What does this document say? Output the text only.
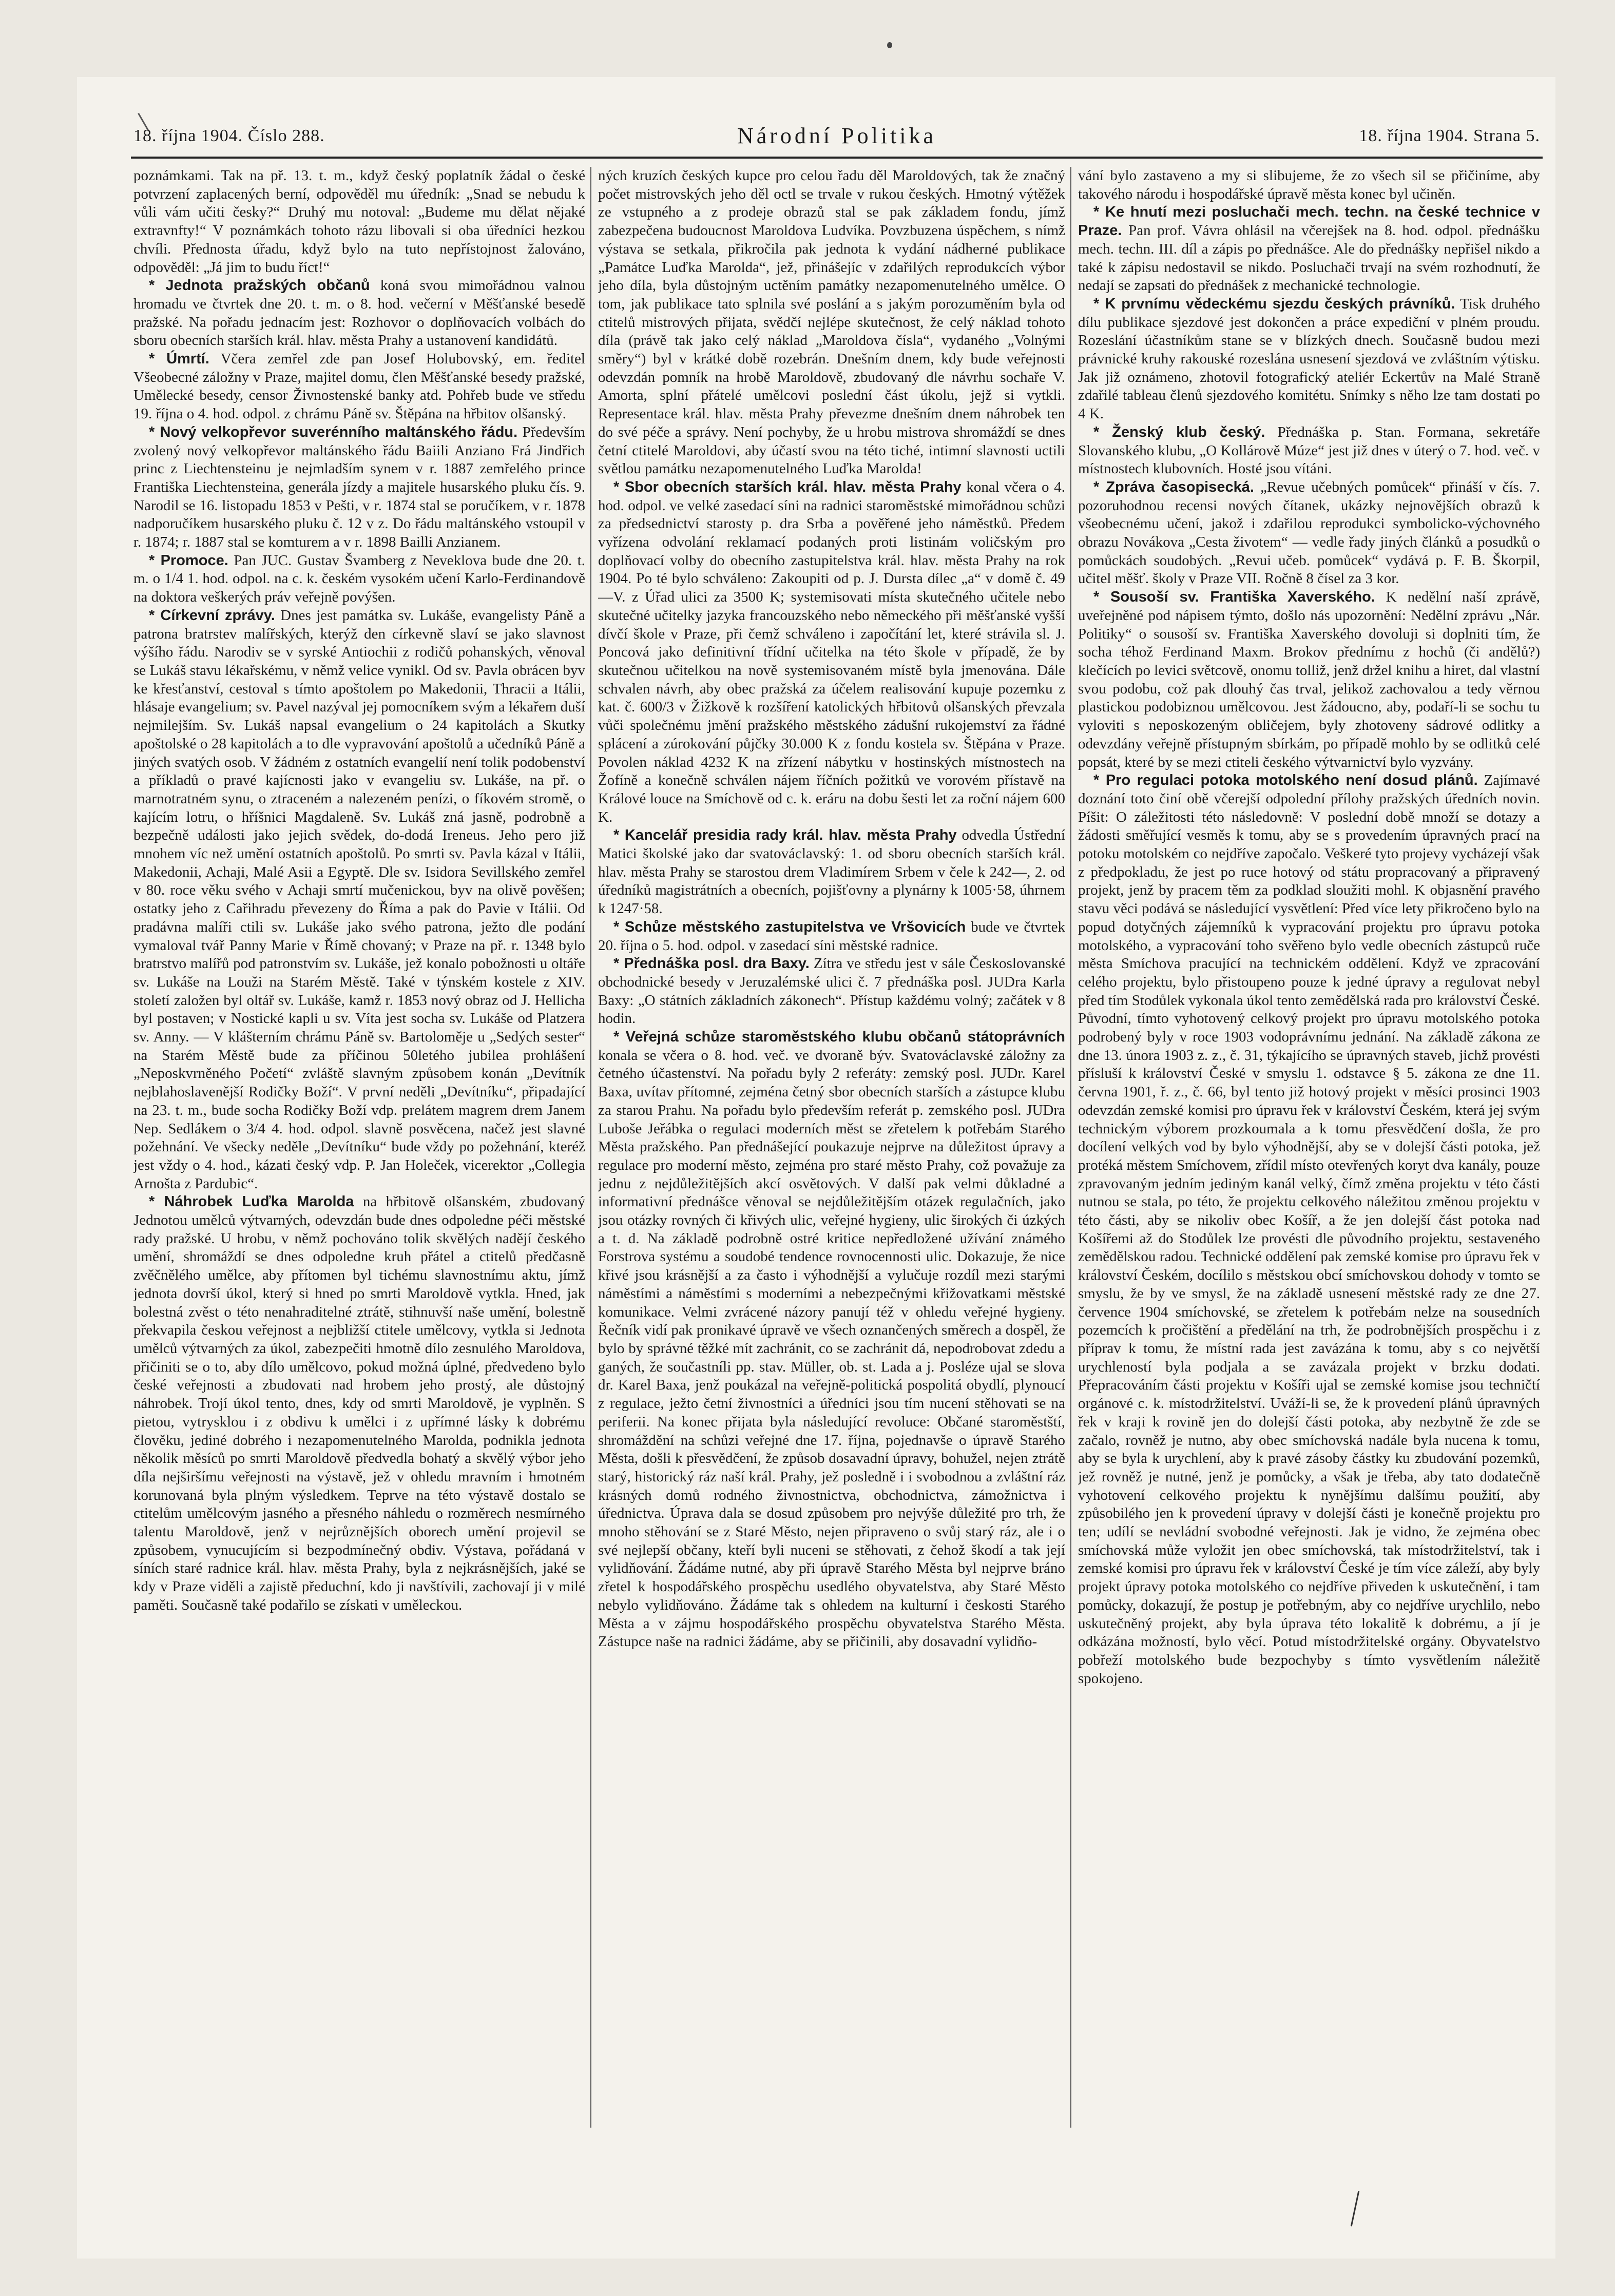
18. října 1904. Číslo 288.	Národní Politika	18. října 1904. Strana 5.

poznámkami. Tak na př. 13. t. m., když český poplatník žádal o české potvrzení zaplacených berní, odpověděl mu úředník: „Snad se nebudu k vůli vám učiti česky?“ Druhý mu notoval: „Budeme mu dělat nějaké extravnfty!“ V poznámkách tohoto rázu libovali si oba úředníci hezkou chvíli. Přednosta úřadu, když bylo na tuto nepřístojnost žalováno, odpověděl: „Já jim to budu říct!“

* Jednota pražských občanů koná svou mimořádnou valnou hromadu ve čtvrtek dne 20. t. m. o 8. hod. večerní v Měšťanské besedě pražské. Na pořadu jednacím jest: Rozhovor o doplňovacích volbách do sboru obecních starších král. hlav. města Prahy a ustanovení kandidátů.

* Úmrtí. Včera zemřel zde pan Josef Holubovský, em. ředitel Všeobecné záložny v Praze, majitel domu, člen Měšťanské besedy pražské, Umělecké besedy, censor Živnostenské banky atd. Pohřeb bude ve středu 19. října o 4. hod. odpol. z chrámu Páně sv. Štěpána na hřbitov olšanský.

* Nový velkopřevor suverénního maltánského řádu. Především zvolený nový velkopřevor maltánského řádu Baiili Anziano Frá Jindřich princ z Liechtensteinu je nejmladším synem v r. 1887 zemřelého prince Františka Liechtensteina, generála jízdy a majitele husarského pluku čís. 9. Narodil se 16. listopadu 1853 v Pešti, v r. 1874 stal se poručíkem, v r. 1878 nadporučíkem husarského pluku č. 12 v z. Do řádu maltánského vstoupil v r. 1874; r. 1887 stal se komturem a v r. 1898 Bailli Anzianem.

* Promoce. Pan JUC. Gustav Švamberg z Neveklova bude dne 20. t. m. o 1/4 1. hod. odpol. na c. k. českém vysokém učení Karlo-Ferdinandově na doktora veškerých práv veřejně povýšen.

* Církevní zprávy. Dnes jest památka sv. Lukáše, evangelisty Páně a patrona bratrstev malířských, kterýž den církevně slaví se jako slavnost výšího řádu. Narodiv se v syrské Antiochii z rodičů pohanských, věnoval se Lukáš stavu lékařskému, v němž velice vynikl. Od sv. Pavla obrácen byv ke křesťanství, cestoval s tímto apoštolem po Makedonii, Thracii a Itálii, hlásaje evangelium; sv. Pavel nazýval jej pomocníkem svým a lékařem duší nejmilejším. Sv. Lukáš napsal evangelium o 24 kapitolách a Skutky apoštolské o 28 kapitolách a to dle vypravování apoštolů a učedníků Páně a jiných svatých osob. V žádném z ostatních evangelií není tolik podobenství a příkladů o pravé kajícnosti jako v evangeliu sv. Lukáše, na př. o marnotratném synu, o ztraceném a nalezeném penízi, o fíkovém stromě, o kajícím lotru, o hříšnici Magdaleně. Sv. Lukáš zná jasně, podrobně a bezpečně události jako jejich svědek, do-dodá Ireneus. Jeho pero již mnohem víc než umění ostatních apoštolů. Po smrti sv. Pavla kázal v Itálii, Makedonii, Achaji, Malé Asii a Egyptě. Dle sv. Isidora Sevillského zemřel v 80. roce věku svého v Achaji smrtí mučenickou, byv na olivě pověšen; ostatky jeho z Cařihradu převezeny do Říma a pak do Pavie v Itálii. Od pradávna malíři ctili sv. Lukáše jako svého patrona, ježto dle podání vymaloval tvář Panny Marie v Římě chovaný; v Praze na př. r. 1348 bylo bratrstvo malířů pod patronstvím sv. Lukáše, jež konalo pobožnosti u oltáře sv. Lukáše na Louži na Starém Městě. Také v týnském kostele z XIV. století založen byl oltář sv. Lukáše, kamž r. 1853 nový obraz od J. Hellicha byl postaven; v Nostické kapli u sv. Víta jest socha sv. Lukáše od Platzera sv. Anny. — V klášterním chrámu Páně sv. Bartoloměje u „Sedých sester“ na Starém Městě bude za příčinou 50letého jubilea prohlášení „Neposkvrněného Početí“ zvláště slavným způsobem konán „Devítník nejblahoslavenější Rodičky Boží“. V první neděli „Devítníku“, připadající na 23. t. m., bude socha Rodičky Boží vdp. prelátem magrem drem Janem Nep. Sedlákem o 3/4 4. hod. odpol. slavně posvěcena, načež jest slavné požehnání. Ve všecky neděle „Devítníku“ bude vždy po požehnání, kteréž jest vždy o 4. hod., kázati český vdp. P. Jan Holeček, vicerektor „Collegia Arnošta z Pardubic“.

* Náhrobek Luďka Marolda na hřbitově olšanském, zbudovaný Jednotou umělců výtvarných, odevzdán bude dnes odpoledne péči městské rady pražské. U hrobu, v němž pochováno tolik skvělých nadějí českého umění, shromáždí se dnes odpoledne kruh přátel a ctitelů předčasně zvěčnělého umělce, aby přítomen byl tichému slavnostnímu aktu, jímž jednota dovrší úkol, který si hned po smrti Maroldově vytkla. Hned, jak bolestná zvěst o této nenahraditelné ztrátě, stihnuvší naše umění, bolestně překvapila českou veřejnost a nejbližší ctitele umělcovy, vytkla si Jednota umělců výtvarných za úkol, zabezpečiti hmotně dílo zesnulého Maroldova, přičiniti se o to, aby dílo umělcovo, pokud možná úplné, předvedeno bylo české veřejnosti a zbudovati nad hrobem jeho prostý, ale důstojný náhrobek. Trojí úkol tento, dnes, kdy od smrti Maroldově, je vyplněn. S pietou, vytrysklou i z obdivu k umělci i z upřímné lásky k dobrému člověku, jediné dobrého i nezapomenutelného Marolda, podnikla jednota několik měsíců po smrti Maroldově předvedla bohatý a skvělý výbor jeho díla nejširšímu veřejnosti na výstavě, jež v ohledu mravním i hmotném korunovaná byla plným výsledkem. Teprve na této výstavě dostalo se ctitelům umělcovým jasného a přesného náhledu o rozměrech nesmírného talentu Maroldově, jenž v nejrůznějších oborech umění projevil se způsobem, vynucujícím si bezpodmínečný obdiv. Výstava, pořádaná v síních staré radnice král. hlav. města Prahy, byla z nejkrásnějších, jaké se kdy v Praze viděli a zajistě předuchní, kdo ji navštívili, zachovají ji v milé paměti. Současně také podařilo se získati v uměleckou.

ných kruzích českých kupce pro celou řadu děl Maroldových, tak že značný počet mistrovských jeho děl octl se trvale v rukou českých. Hmotný výtěžek ze vstupného a z prodeje obrazů stal se pak základem fondu, jímž zabezpečena budoucnost Maroldova Ludvíka. Povzbuzena úspěchem, s nímž výstava se setkala, přikročila pak jednota k vydání nádherné publikace „Památce Luďka Marolda“, jež, přinášejíc v zdařilých reprodukcích výbor jeho díla, byla důstojným uctěním památky nezapomenutelného umělce. O tom, jak publikace tato splnila své poslání a s jakým porozuměním byla od ctitelů mistrových přijata, svědčí nejlépe skutečnost, že celý náklad tohoto díla (právě tak jako celý náklad „Maroldova čísla“, vydaného „Volnými směry“) byl v krátké době rozebrán. Dnešním dnem, kdy bude veřejnosti odevzdán pomník na hrobě Maroldově, zbudovaný dle návrhu sochaře V. Amorta, splní přátelé umělcovi poslední část úkolu, jejž si vytkli. Representace král. hlav. města Prahy převezme dnešním dnem náhrobek ten do své péče a správy. Není pochyby, že u hrobu mistrova shromáždí se dnes četní ctitelé Maroldovi, aby účastí svou na této tiché, intimní slavnosti uctili světlou památku nezapomenutelného Luďka Marolda!

* Sbor obecních starších král. hlav. města Prahy konal včera o 4. hod. odpol. ve velké zasedací síni na radnici staroměstské mimořádnou schůzi za předsednictví starosty p. dra Srba a pověřené jeho náměstků. Předem vyřízena odvolání reklamací podaných proti listinám voličským pro doplňovací volby do obecního zastupitelstva král. hlav. města Prahy na rok 1904. Po té bylo schváleno: Zakoupiti od p. J. Dursta dílec „a“ v domě č. 49—V. z Úřad ulici za 3500 K; systemisovati místa skutečného učitele nebo skutečné učitelky jazyka francouzského nebo německého při měšťanské vyšší dívčí škole v Praze, při čemž schváleno i započítání let, které strávila sl. J. Poncová jako definitivní třídní učitelka na této škole v případě, že by skutečnou učitelkou na nově systemisovaném místě byla jmenována. Dále schvalen návrh, aby obec pražská za účelem realisování kupuje pozemku z kat. č. 600/3 v Žižkově k rozšíření katolických hřbitovů olšanských převzala vůči společnému jmění pražského městského zádušní rukojemství za řádné splácení a zúrokování půjčky 30.000 K z fondu kostela sv. Štěpána v Praze. Povolen náklad 4232 K na zřízení nábytku v hostinských místnostech na Žofíně a konečně schválen nájem říčních požitků ve vorovém přístavě na Králové louce na Smíchově od c. k. eráru na dobu šesti let za roční nájem 600 K.

* Kancelář presidia rady král. hlav. města Prahy odvedla Ústřední Matici školské jako dar svatováclavský: 1. od sboru obecních starších král. hlav. města Prahy se starostou drem Vladimírem Srbem v čele k 242—, 2. od úředníků magistrátních a obecních, pojišťovny a plynárny k 1005·58, úhrnem k 1247·58.

* Schůze městského zastupitelstva ve Vršovicích bude ve čtvrtek 20. října o 5. hod. odpol. v zasedací síni městské radnice.

* Přednáška posl. dra Baxy. Zítra ve středu jest v sále Českoslovanské obchodnické besedy v Jeruzalémské ulici č. 7 přednáška posl. JUDra Karla Baxy: „O státních základních zákonech“. Přístup každému volný; začátek v 8 hodin.

* Veřejná schůze staroměstského klubu občanů státoprávních konala se včera o 8. hod. več. ve dvoraně býv. Svatováclavské záložny za četného účastenství. Na pořadu byly 2 referáty: zemský posl. JUDr. Karel Baxa, uvítav přítomné, zejména četný sbor obecních starších a zástupce klubu za starou Prahu. Na pořadu bylo především referát p. zemského posl. JUDra Luboše Jeřábka o regulaci moderních měst se zřetelem k potřebám Starého Města pražského. Pan přednášející poukazuje nejprve na důležitost úpravy a regulace pro moderní město, zejména pro staré město Prahy, což považuje za jednu z nejdůležitějších akcí osvětových. V další pak velmi důkladné a informativní přednášce věnoval se nejdůležitějším otázek regulačních, jako jsou otázky rovných či křivých ulic, veřejné hygieny, ulic širokých či úzkých a t. d. Na základě podrobně ostré kritice nepředložené užívání známého Forstrova systému a soudobé tendence rovnocennosti ulic. Dokazuje, že nice křivé jsou krásnější a za často i výhodnější a vylučuje rozdíl mezi starými náměstími a náměstími s moderními a nebezpečnými křižovatkami městské komunikace. Velmi zvrácené názory panují též v ohledu veřejné hygieny. Řečník vidí pak pronikavé úpravě ve všech oznančených směrech a dospěl, že bylo by správné těžké mít zachránit, co se zachránit dá, nepodrobovat zdedu a ganých, že součastníli pp. stav. Müller, ob. st. Lada a j. Posléze ujal se slova dr. Karel Baxa, jenž poukázal na veřejně-politická pospolitá obydlí, plynoucí z regulace, ježto četní živnostníci a úředníci jsou tím nucení stěhovati se na periferii. Na konec přijata byla následující revoluce: Občané staroměstští, shromáždění na schůzi veřejné dne 17. října, pojednavše o úpravě Starého Města, došli k přesvědčení, že způsob dosavadní úpravy, bohužel, nejen ztrátě starý, historický ráz naší král. Prahy, jež posledně i i svobodnou a zvláštní ráz krásných domů rodného živnostnictva, obchodnictva, zámožnictva i úřednictva. Úprava dala se dosud způsobem pro nejvýše důležité pro trh, že mnoho stěhování se z Staré Město, nejen připraveno o svůj starý ráz, ale i o své nejlepší občany, kteří byli nuceni se stěhovati, z čehož škodí a tak její vylidňování. Žádáme nutné, aby při úpravě Starého Města byl nejprve bráno zřetel k hospodářského prospěchu usedlého obyvatelstva, aby Staré Město nebylo vylidňováno. Žádáme tak s ohledem na kulturní i českosti Starého Města a v zájmu hospodářského prospěchu obyvatelstva Starého Města. Zástupce naše na radnici žádáme, aby se přičinili, aby dosavadní vylidňo-

vání bylo zastaveno a my si slibujeme, že zo všech sil se přičiníme, aby takového národu i hospodářské úpravě města konec byl učiněn.

* Ke hnutí mezi posluchači mech. techn. na české technice v Praze. Pan prof. Vávra ohlásil na včerejšek na 8. hod. odpol. přednášku mech. techn. III. díl a zápis po přednášce. Ale do přednášky nepřišel nikdo a také k zápisu nedostavil se nikdo. Posluchači trvají na svém rozhodnutí, že nedají se zapsati do přednášek z mechanické technologie.

* K prvnímu vědeckému sjezdu českých právníků. Tisk druhého dílu publikace sjezdové jest dokončen a práce expediční v plném proudu. Rozeslání účastníkům stane se v blízkých dnech. Současně budou mezi právnické kruhy rakouské rozeslána usnesení sjezdová ve zvláštním výtisku. Jak již oznámeno, zhotovil fotografický ateliér Eckertův na Malé Straně zdařilé tableau členů sjezdového komitétu. Snímky s něho lze tam dostati po 4 K.

* Ženský klub český. Přednáška p. Stan. Formana, sekretáře Slovanského klubu, „O Kollárově Múze“ jest již dnes v úterý o 7. hod. več. v místnostech klubovních. Hosté jsou vítáni.

* Zpráva časopisecká. „Revue učebných pomůcek“ přináší v čís. 7. pozoruhodnou recensi nových čítanek, ukázky nejnovějších obrazů k všeobecnému učení, jakož i zdařilou reprodukci symbolicko-výchovného obrazu Novákova „Cesta životem“ — vedle řady jiných článků a posudků o pomůckách soudobých. „Revui učeb. pomůcek“ vydává p. F. B. Škorpil, učitel měšť. školy v Praze VII. Ročně 8 čísel za 3 kor.

* Sousoší sv. Františka Xaverského. K nedělní naší zprávě, uveřejněné pod nápisem týmto, došlo nás upozornění: Nedělní zprávu „Nár. Politiky“ o sousoší sv. Františka Xaverského dovoluji si doplniti tím, že socha téhož Ferdinand Maxm. Brokov přednímu z hochů (či andělů?) klečících po levici světcově, onomu tolliž, jenž držel knihu a hiret, dal vlastní svou podobu, což pak dlouhý čas trval, jelikož zachovalou a tedy věrnou plastickou podobiznou umělcovou. Jest žádoucno, aby, podaří-li se sochu tu vyloviti s neposkozeným obličejem, byly zhotoveny sádrové odlitky a odevzdány veřejně přístupným sbírkám, po případě mohlo by se odlitků celé popsát, které by se mezi ctiteli českého výtvarnictví bylo vyzvány.

* Pro regulaci potoka motolského není dosud plánů. Zajímavé doznání toto činí obě včerejší odpolední přílohy pražských úředních novin. Píšit: O záležitosti této následovně: V poslední době množí se dotazy a žádosti směřující vesměs k tomu, aby se s provedením úpravných prací na potoku motolském co nejdříve započalo. Veškeré tyto projevy vycházejí však z předpokladu, že jest po ruce hotový od státu propracovaný a připravený projekt, jenž by pracem těm za podklad sloužiti mohl. K objasnění pravého stavu věci podává se následující vysvětlení: Před více lety přikročeno bylo na popud dotyčných zájemníků k vypracování projektu pro úpravu potoka motolského, a vypracování toho svěřeno bylo vedle obecních zástupců ruče města Smíchova pracující na technickém oddělení. Když ve zpracování celého projektu, bylo přistoupeno pouze k jedné úpravy a regulovat nebyl před tím Stodůlek vykonala úkol tento zemědělská rada pro království České. Původní, tímto vyhotovený celkový projekt pro úpravu motolského potoka podrobený byly v roce 1903 vodoprávnímu jednání. Na základě zákona ze dne 13. února 1903 z. z., č. 31, týkajícího se úpravných staveb, jichž provésti přísluší k království České v smyslu 1. odstavce § 5. zákona ze dne 11. června 1901, ř. z., č. 66, byl tento již hotový projekt v měsíci prosinci 1903 odevzdán zemské komisi pro úpravu řek v království Českém, která jej svým technickým výborem prozkoumala a k tomu přesvědčení došla, že pro docílení velkých vod by bylo výhodnější, aby se v dolejší části potoka, jež protéká městem Smíchovem, zřídil místo otevřených koryt dva kanály, pouze zpravovaným jedním jediným kanál velký, čímž změna projektu v této části nutnou se stala, po této, že projektu celkového náležitou změnou projektu v této části, aby se nikoliv obec Košíř, a že jen dolejší část potoka nad Košířemi až do Stodůlek lze provésti dle původního projektu, sestaveného zemědělskou radou. Technické oddělení pak zemské komise pro úpravu řek v království Českém, docílilo s městskou obcí smíchovskou dohody v tomto se smyslu, že by ve smysl, že na základě usnesení městské rady ze dne 27. července 1904 smíchovské, se zřetelem k potřebám nelze na sousedních pozemcích k pročištění a předělání na trh, že podrobnějších prospěchu i z příprav k tomu, že místní rada jest zavázána k tomu, aby s co největší urychleností byla podjala a se zavázala projekt v brzku dodati. Přepracováním části projektu v Košíři ujal se zemské komise jsou techničtí orgánové c. k. místodržitelství. Uváží-li se, že k provedení plánů úpravných řek v kraji k rovině jen do dolejší části potoka, aby nezbytně že zde se začalo, rovněž je nutno, aby obec smíchovská nadále byla nucena k tomu, aby se byla k urychlení, aby k pravé zásoby částky ku zbudování pozemků, jež rovněž je nutné, jenž je pomůcky, a však je třeba, aby tato dodatečně vyhotovení celkového projektu k nynějšímu dalšímu použití, aby způsobilého jen k provedení úpravy v dolejší části je konečně projektu pro ten; udílí se nevládní svobodné veřejnosti. Jak je vidno, že zejména obec smíchovská může vyložit jen obec smíchovská, tak místodržitelství, tak i zemské komisi pro úpravu řek v království České je tím více záleží, aby byly projekt úpravy potoka motolského co nejdříve přiveden k uskutečnění, i tam pomůcky, dokazují, že postup je potřebným, aby co nejdříve urychlilo, nebo uskutečněný projekt, aby byla úprava této lokalitě k dobrému, a jí je odkázána možností, bylo věcí. Potud místodržitelské orgány. Obyvatelstvo pobřeží motolského bude bezpochyby s tímto vysvětlením náležitě spokojeno.
